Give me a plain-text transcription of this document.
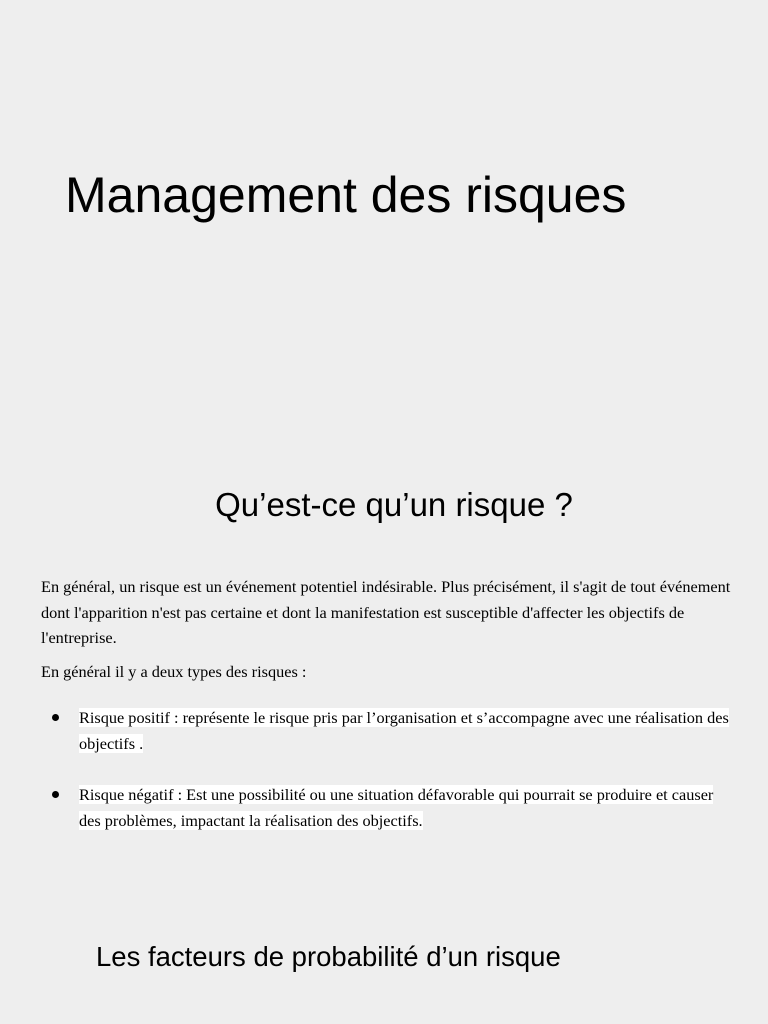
Management des risques
Qu’est-ce qu’un risque ?

En général, un risque est un événement potentiel indésirable. Plus précisément, il s'agit de tout événement dont l'apparition n'est pas certaine et dont la manifestation est susceptible d'affecter les objectifs de l'entreprise.

En général il y a deux types des risques :

Risque positif : représente le risque pris par l’organisation et s’accompagne avec une réalisation des objectifs .
Risque négatif : Est une possibilité ou une situation défavorable qui pourrait se produire et causer des problèmes, impactant la réalisation des objectifs.
Les facteurs de probabilité d’un risque
